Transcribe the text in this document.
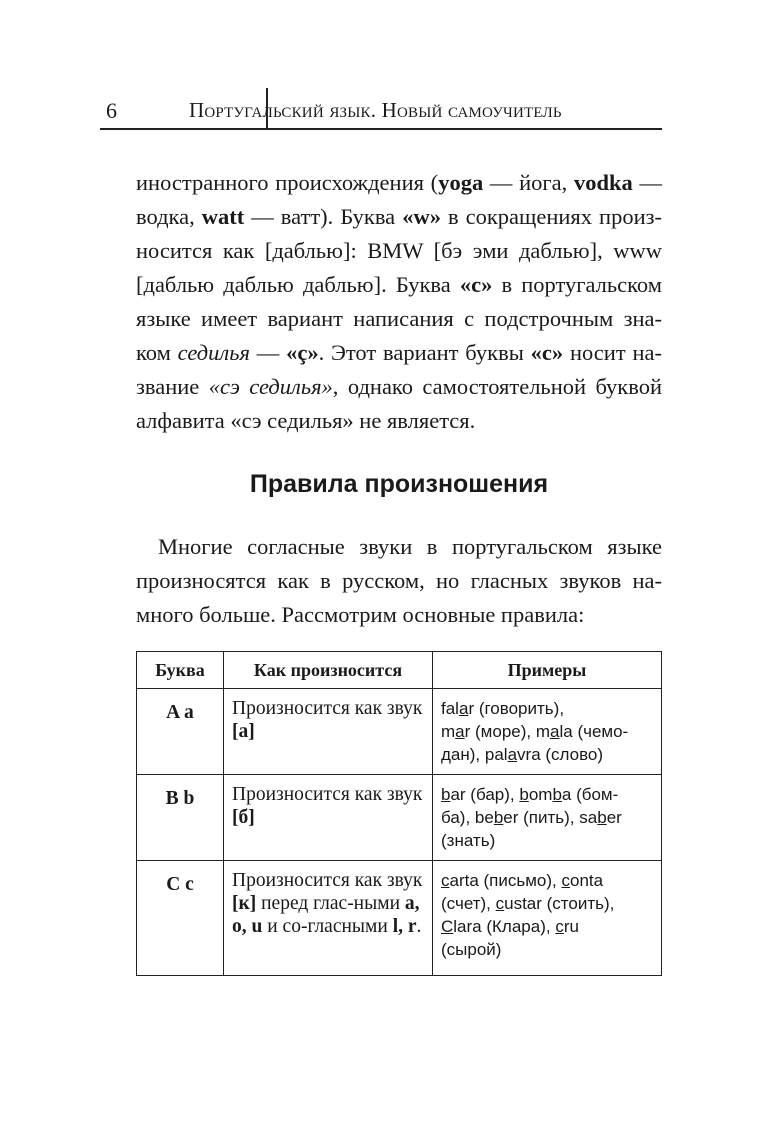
6	Португальский язык. Новый самоучитель
иностранного происхождения (yoga — йога, vodka —
водка, watt — ватт). Буква «w» в сокращениях произ-
носится как [даблью]: BMW [бэ эми даблью], www
[даблью даблью даблью]. Буква «c» в португальском
языке имеет вариант написания с подстрочным зна-
ком седилья — «ç». Этот вариант буквы «c» носит на-
звание «сэ седилья», однако самостоятельной буквой
алфавита «сэ седилья» не является.
Правила произношения
Многие согласные звуки в португальском языке
произносятся как в русском, но гласных звуков на-
много больше. Рассмотрим основные правила:
Буква	Как произносится	Примеры
A a	Произносится как звук [а]	falar (говорить),
mar (море), mala (чемо-
дан), palavra (слово)
B b	Произносится как звук [б]	bar (бар), bomba (бом-
ба), beber (пить), saber
(знать)
C c	Произносится как звук [к] перед глас-ными a, o, u и со-гласными l, r.	carta (письмо), conta
(счет), custar (стоить),
Clara (Клара), cru
(сырой)
